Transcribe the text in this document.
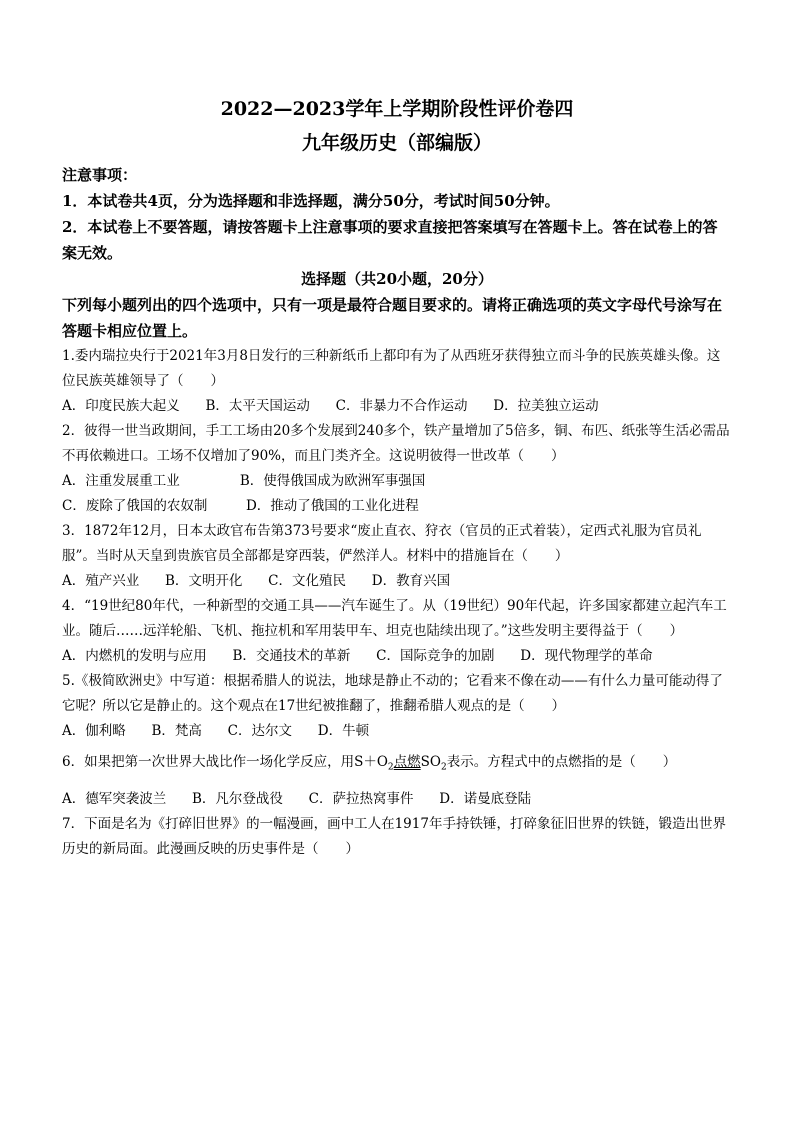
2022—2023学年上学期阶段性评价卷四
九年级历史（部编版）
注意事项：
1．本试卷共4页，分为选择题和非选择题，满分50分，考试时间50分钟。
2．本试卷上不要答题，请按答题卡上注意事项的要求直接把答案填写在答题卡上。答在试卷上的答案无效。
选择题（共20小题，20分）
下列每小题列出的四个选项中，只有一项是最符合题目要求的。请将正确选项的英文字母代号涂写在答题卡相应位置上。
1.委内瑞拉央行于2021年3月8日发行的三种新纸币上都印有为了从西班牙获得独立而斗争的民族英雄头像。这位民族英雄领导了（　　）
A．印度民族大起义 B．太平天国运动 C．非暴力不合作运动 D．拉美独立运动
2．彼得一世当政期间，手工工场由20多个发展到240多个，铁产量增加了5倍多，铜、布匹、纸张等生活必需品不再依赖进口。工场不仅增加了90%，而且门类齐全。这说明彼得一世改革（　　）
A．注重发展重工业	B．使得俄国成为欧洲军事强国
C．废除了俄国的农奴制	D．推动了俄国的工业化进程
3．1872年12月，日本太政官布告第373号要求“废止直衣、狩衣（官员的正式着装），定西式礼服为官员礼服”。当时从天皇到贵族官员全部都是穿西装，俨然洋人。材料中的措施旨在（　　）
A．殖产兴业 B．文明开化 C．文化殖民 D．教育兴国
4．“19世纪80年代，一种新型的交通工具——汽车诞生了。从（19世纪）90年代起，许多国家都建立起汽车工业。随后……远洋轮船、飞机、拖拉机和军用装甲车、坦克也陆续出现了。”这些发明主要得益于（　　）
A．内燃机的发明与应用 B．交通技术的革新 C．国际竞争的加剧 D．现代物理学的革命
5.《极简欧洲史》中写道：根据希腊人的说法，地球是静止不动的；它看来不像在动——有什么力量可能动得了它呢？所以它是静止的。这个观点在17世纪被推翻了，推翻希腊人观点的是（　　）
A．伽利略 B．梵高 C．达尔文 D．牛顿
6．如果把第一次世界大战比作一场化学反应，用$S+O_2$点燃$SO_2$表示。方程式中的点燃指的是（　　）
A．德军突袭波兰 B．凡尔登战役 C．萨拉热窝事件 D．诺曼底登陆
7．下面是名为《打碎旧世界》的一幅漫画，画中工人在1917年手持铁锤，打碎象征旧世界的铁链，锻造出世界历史的新局面。此漫画反映的历史事件是（　　）
